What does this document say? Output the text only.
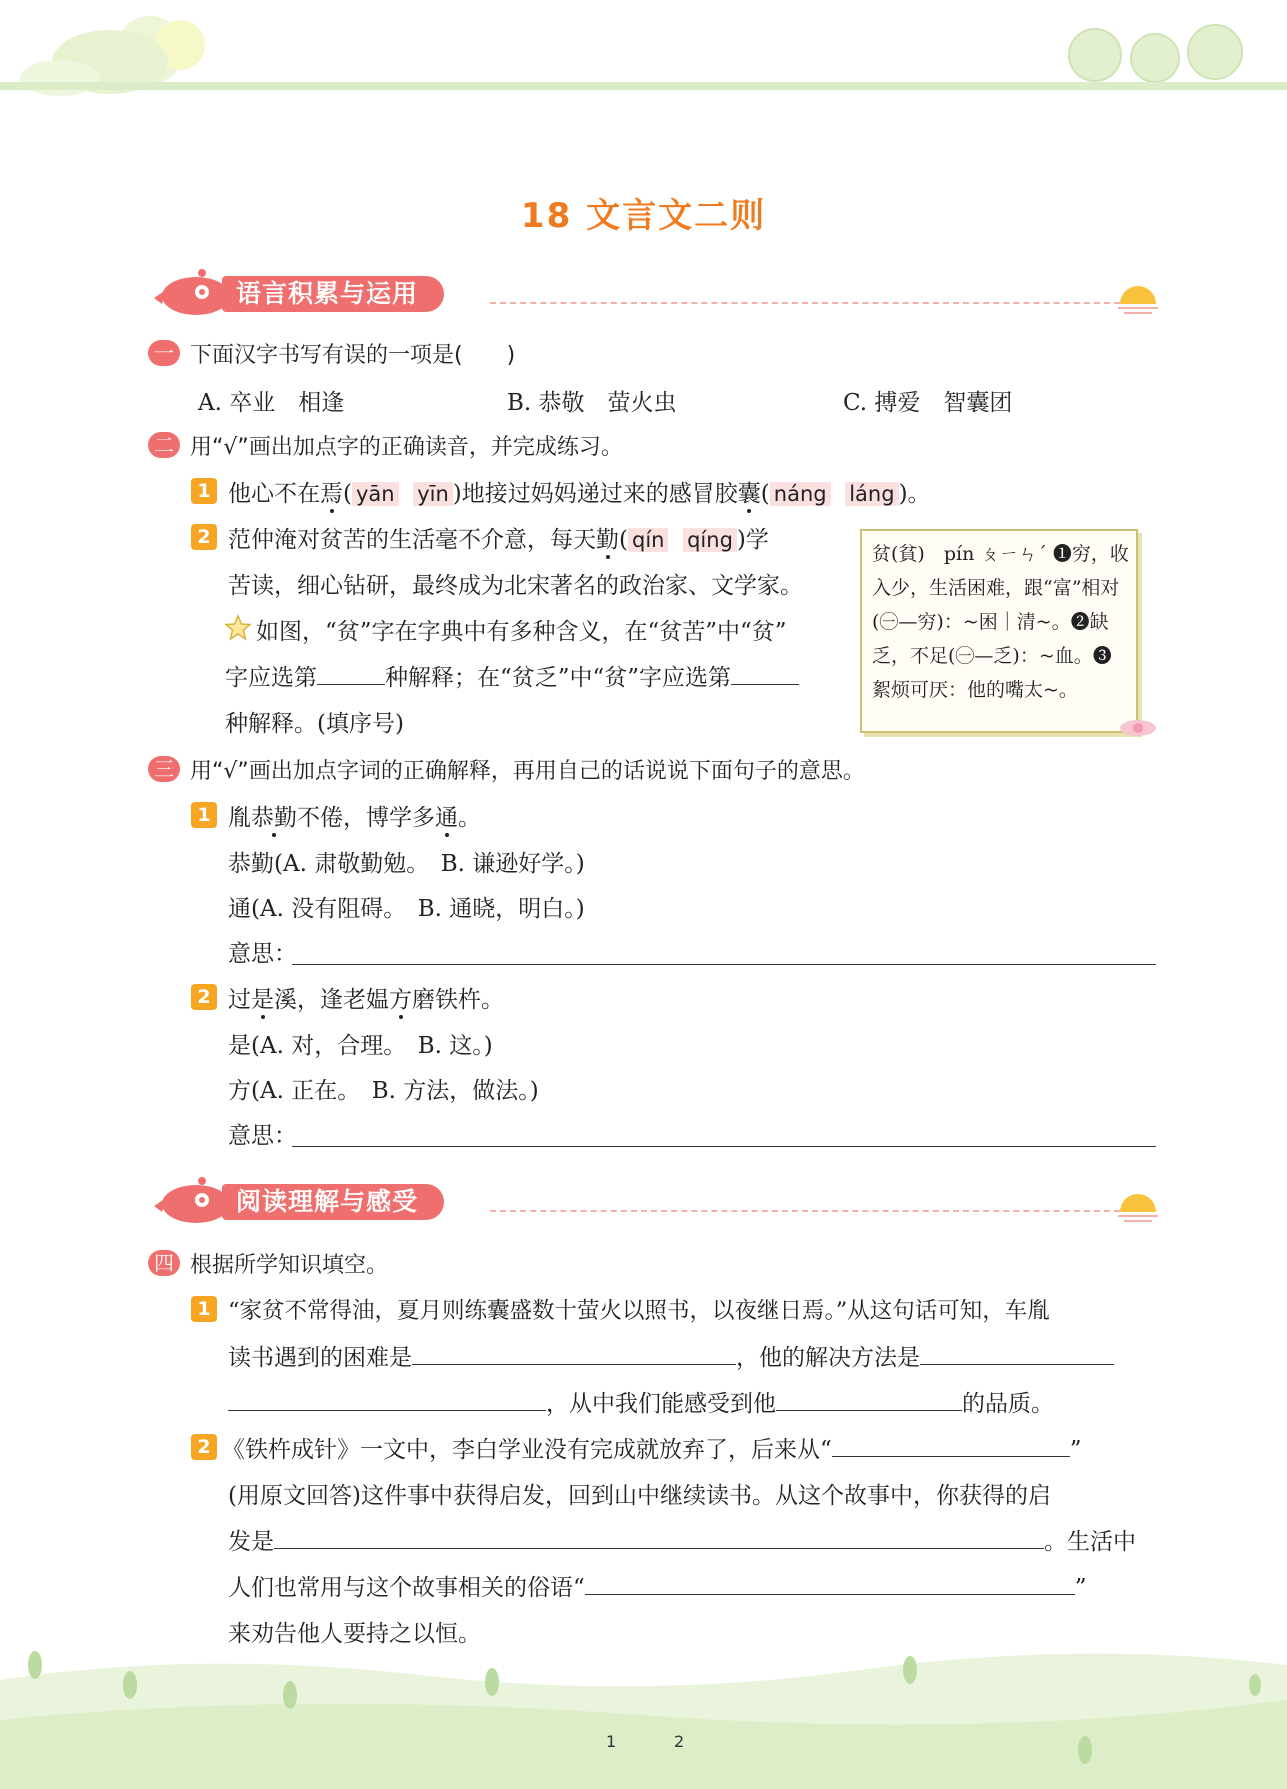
18 文言文二则
语言积累与运用
一 下面汉字书写有误的一项是(　　)
A. 卒业　相逢	B. 恭敬　萤火虫	C. 搏爱　智囊团
二 用“√”画出加点字的正确读音，并完成练习。
1 他心不在焉( yān yīn )地接过妈妈递过来的感冒胶囊( náng láng )。
2 范仲淹对贫苦的生活毫不介意，每天勤( qín qíng )学
苦读，细心钻研，最终成为北宋著名的政治家、文学家。
如图，“贫”字在字典中有多种含义，在“贫苦”中“贫”
字应选第	种解释；在“贫乏”中“贫”字应选第
种解释。(填序号)
贫(貧)　pín ㄆㄧㄣˊ ❶穷，收
入少，生活困难，跟“富”相对
(㊀—穷)：~困｜清~。❷缺
乏，不足(㊀—乏)：~血。❸
絮烦可厌：他的嘴太~。
三 用“√”画出加点字词的正确解释，再用自己的话说说下面句子的意思。
1 胤恭勤不倦，博学多通。
恭勤(A. 肃敬勤勉。　B. 谦逊好学。)
通(A. 没有阻碍。　B. 通晓，明白。)
意思：
2 过是溪，逢老媪方磨铁杵。
是(A. 对，合理。　B. 这。)
方(A. 正在。　B. 方法，做法。)
意思：
阅读理解与感受
四 根据所学知识填空。
1 “家贫不常得油，夏月则练囊盛数十萤火以照书，以夜继日焉。”从这句话可知，车胤
读书遇到的困难是	，他的解决方法是
，从中我们能感受到他	的品质。
2 《铁杵成针》一文中，李白学业没有完成就放弃了，后来从“	”
(用原文回答)这件事中获得启发，回到山中继续读书。从这个故事中，你获得的启
发是	。生活中
人们也常用与这个故事相关的俗语“	”
来劝告他人要持之以恒。
1	2
